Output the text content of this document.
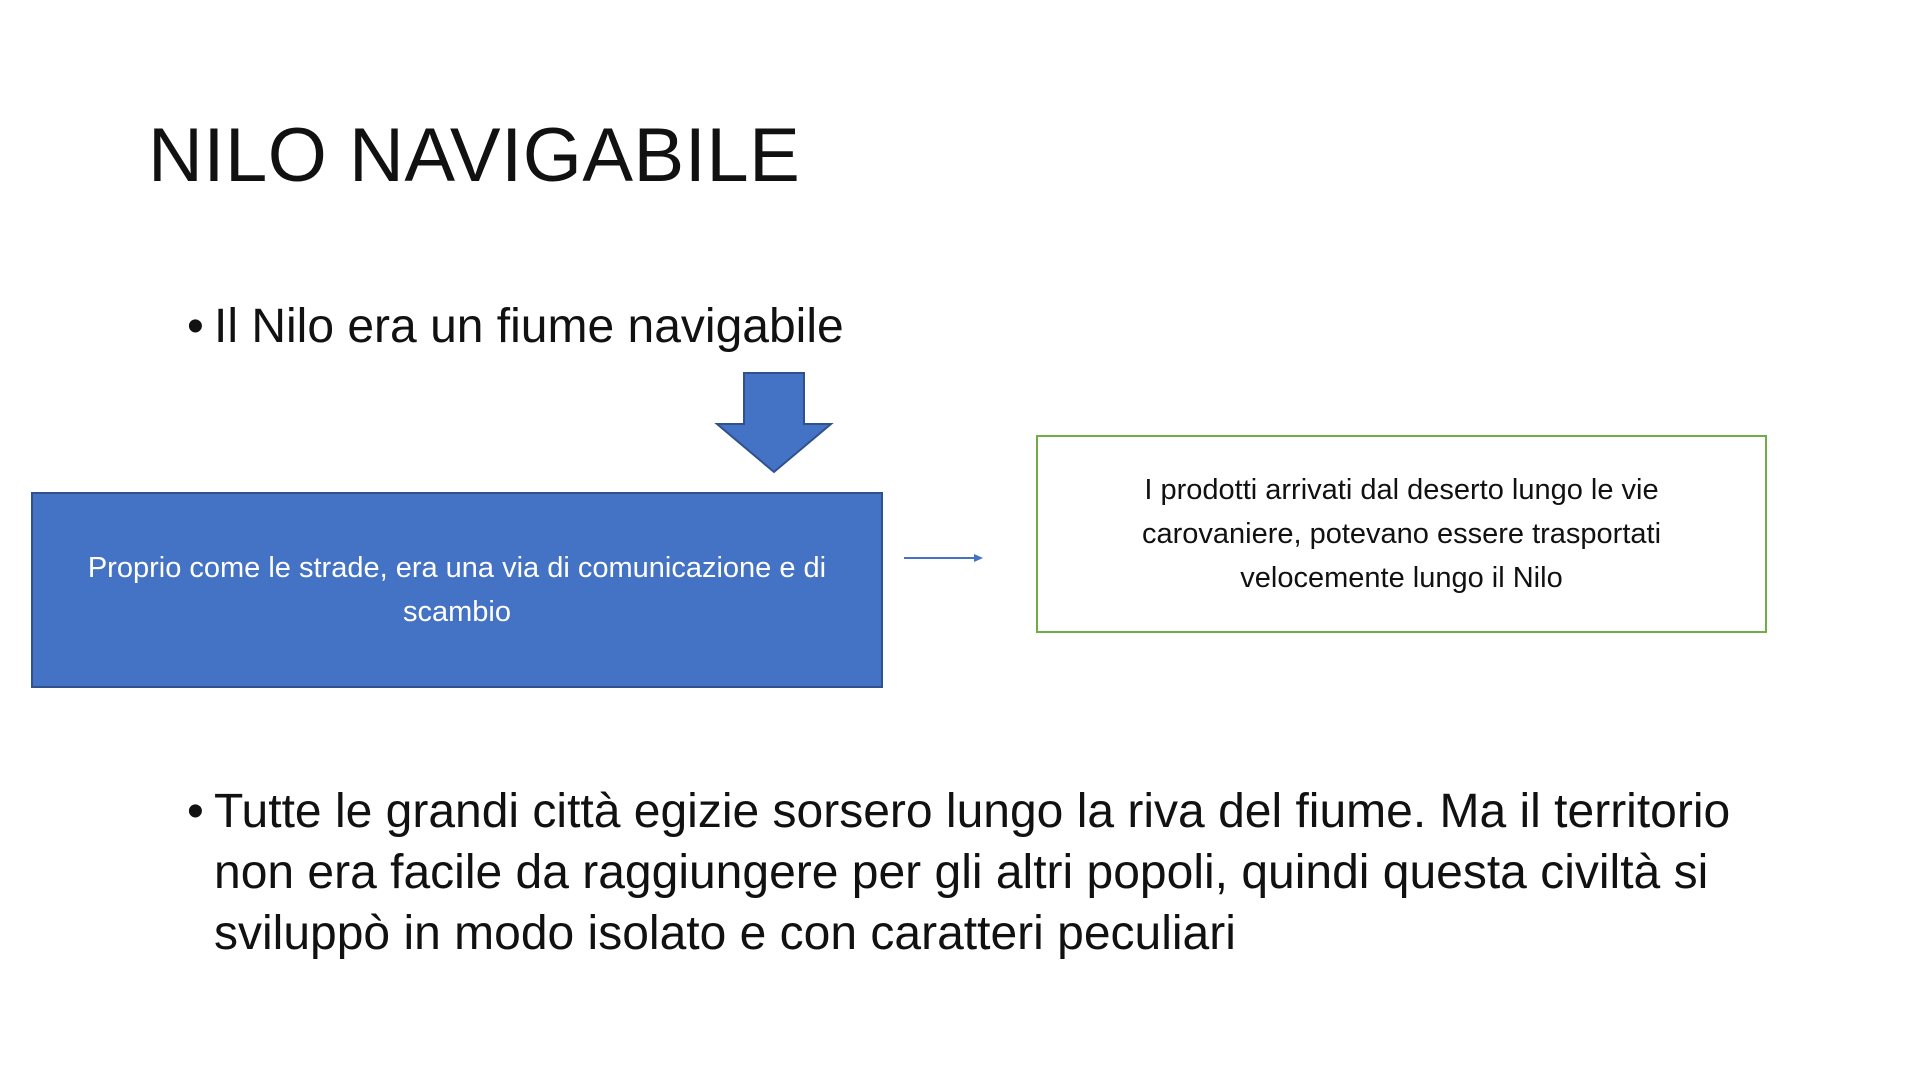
NILO NAVIGABILE
• Il Nilo era un fiume navigabile
Proprio come le strade, era una via di comunicazione e di scambio
I prodotti arrivati dal deserto lungo le vie carovaniere, potevano essere trasportati velocemente lungo il Nilo
• Tutte le grandi città egizie sorsero lungo la riva del fiume. Ma il territorio non era facile da raggiungere per gli altri popoli, quindi questa civiltà si sviluppò in modo isolato e con caratteri peculiari
